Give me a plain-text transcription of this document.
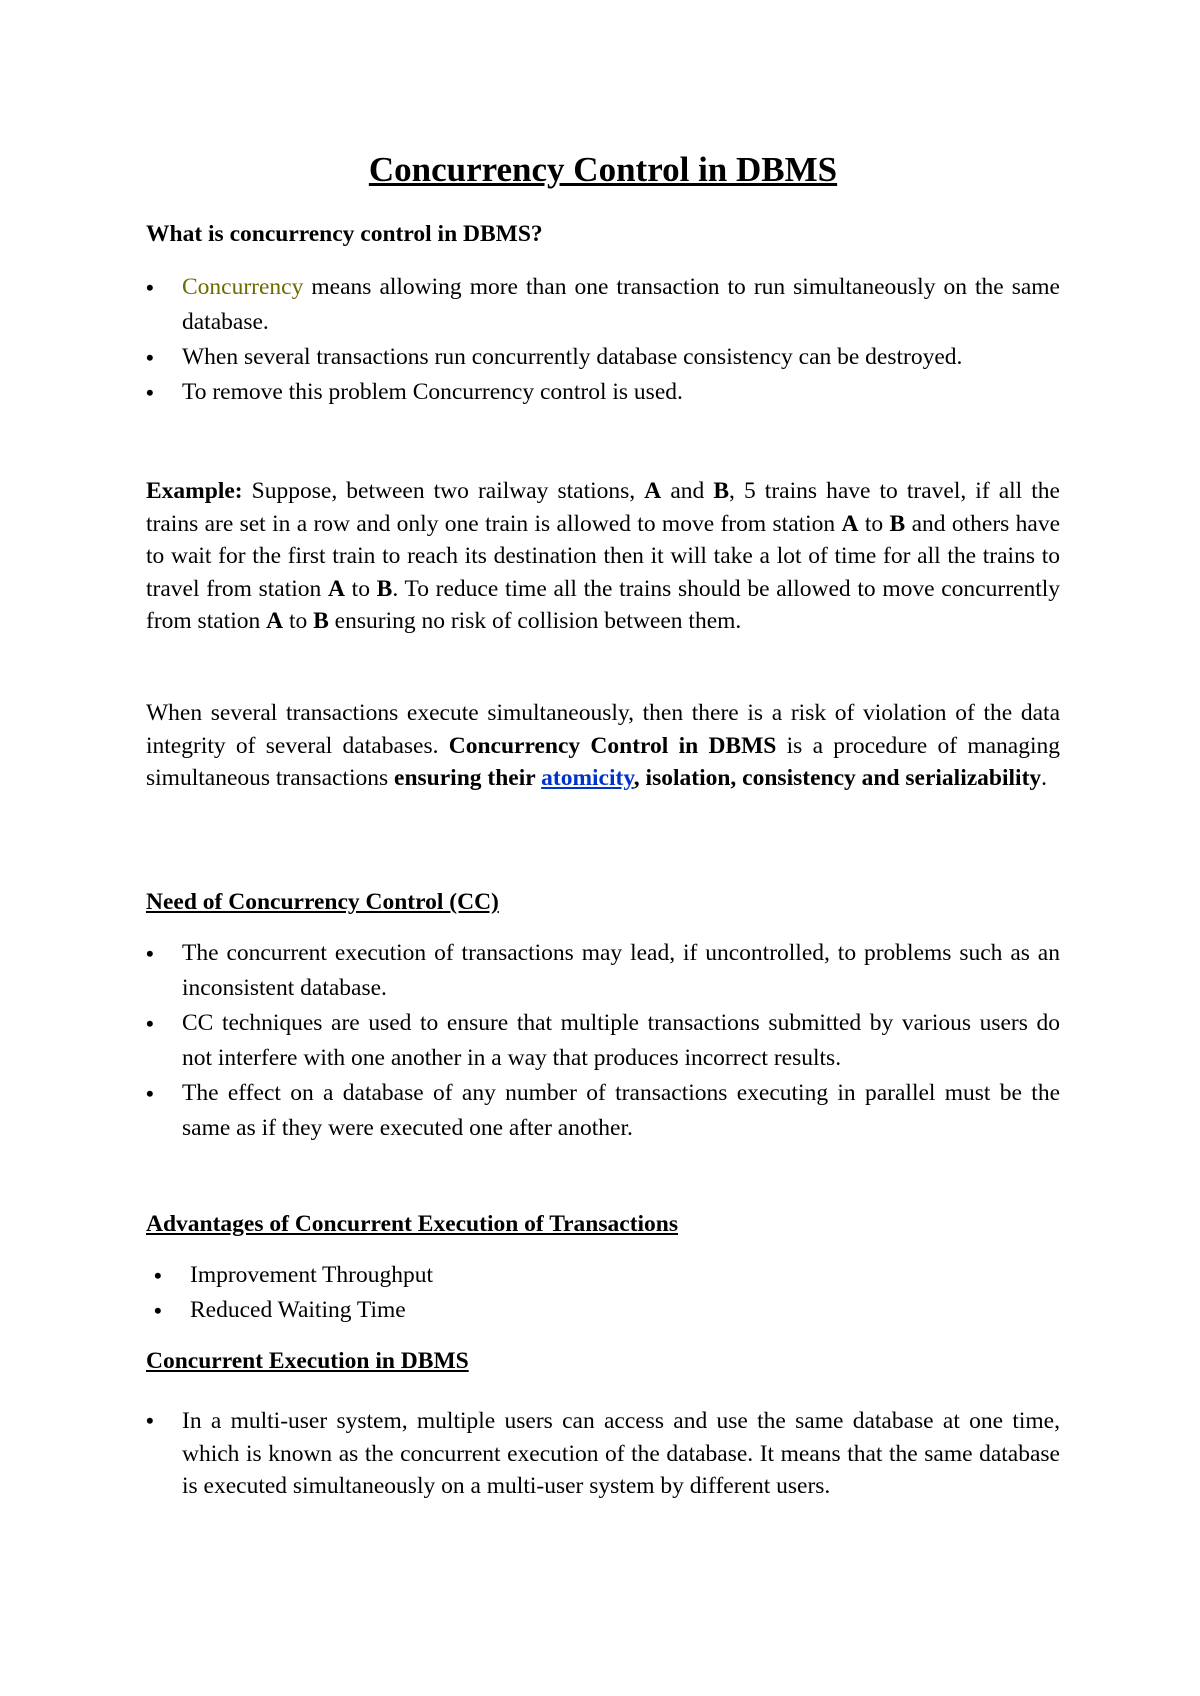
Concurrency Control in DBMS

What is concurrency control in DBMS?

• Concurrency means allowing more than one transaction to run simultaneously on the same database.
• When several transactions run concurrently database consistency can be destroyed.
• To remove this problem Concurrency control is used.

Example: Suppose, between two railway stations, A and B, 5 trains have to travel, if all the trains are set in a row and only one train is allowed to move from station A to B and others have to wait for the first train to reach its destination then it will take a lot of time for all the trains to travel from station A to B. To reduce time all the trains should be allowed to move concurrently from station A to B ensuring no risk of collision between them.

When several transactions execute simultaneously, then there is a risk of violation of the data integrity of several databases. Concurrency Control in DBMS is a procedure of managing simultaneous transactions ensuring their atomicity, isolation, consistency and serializability.

Need of Concurrency Control (CC)

• The concurrent execution of transactions may lead, if uncontrolled, to problems such as an inconsistent database.
• CC techniques are used to ensure that multiple transactions submitted by various users do not interfere with one another in a way that produces incorrect results.
• The effect on a database of any number of transactions executing in parallel must be the same as if they were executed one after another.

Advantages of Concurrent Execution of Transactions

• Improvement Throughput
• Reduced Waiting Time

Concurrent Execution in DBMS

• In a multi-user system, multiple users can access and use the same database at one time, which is known as the concurrent execution of the database. It means that the same database is executed simultaneously on a multi-user system by different users.
